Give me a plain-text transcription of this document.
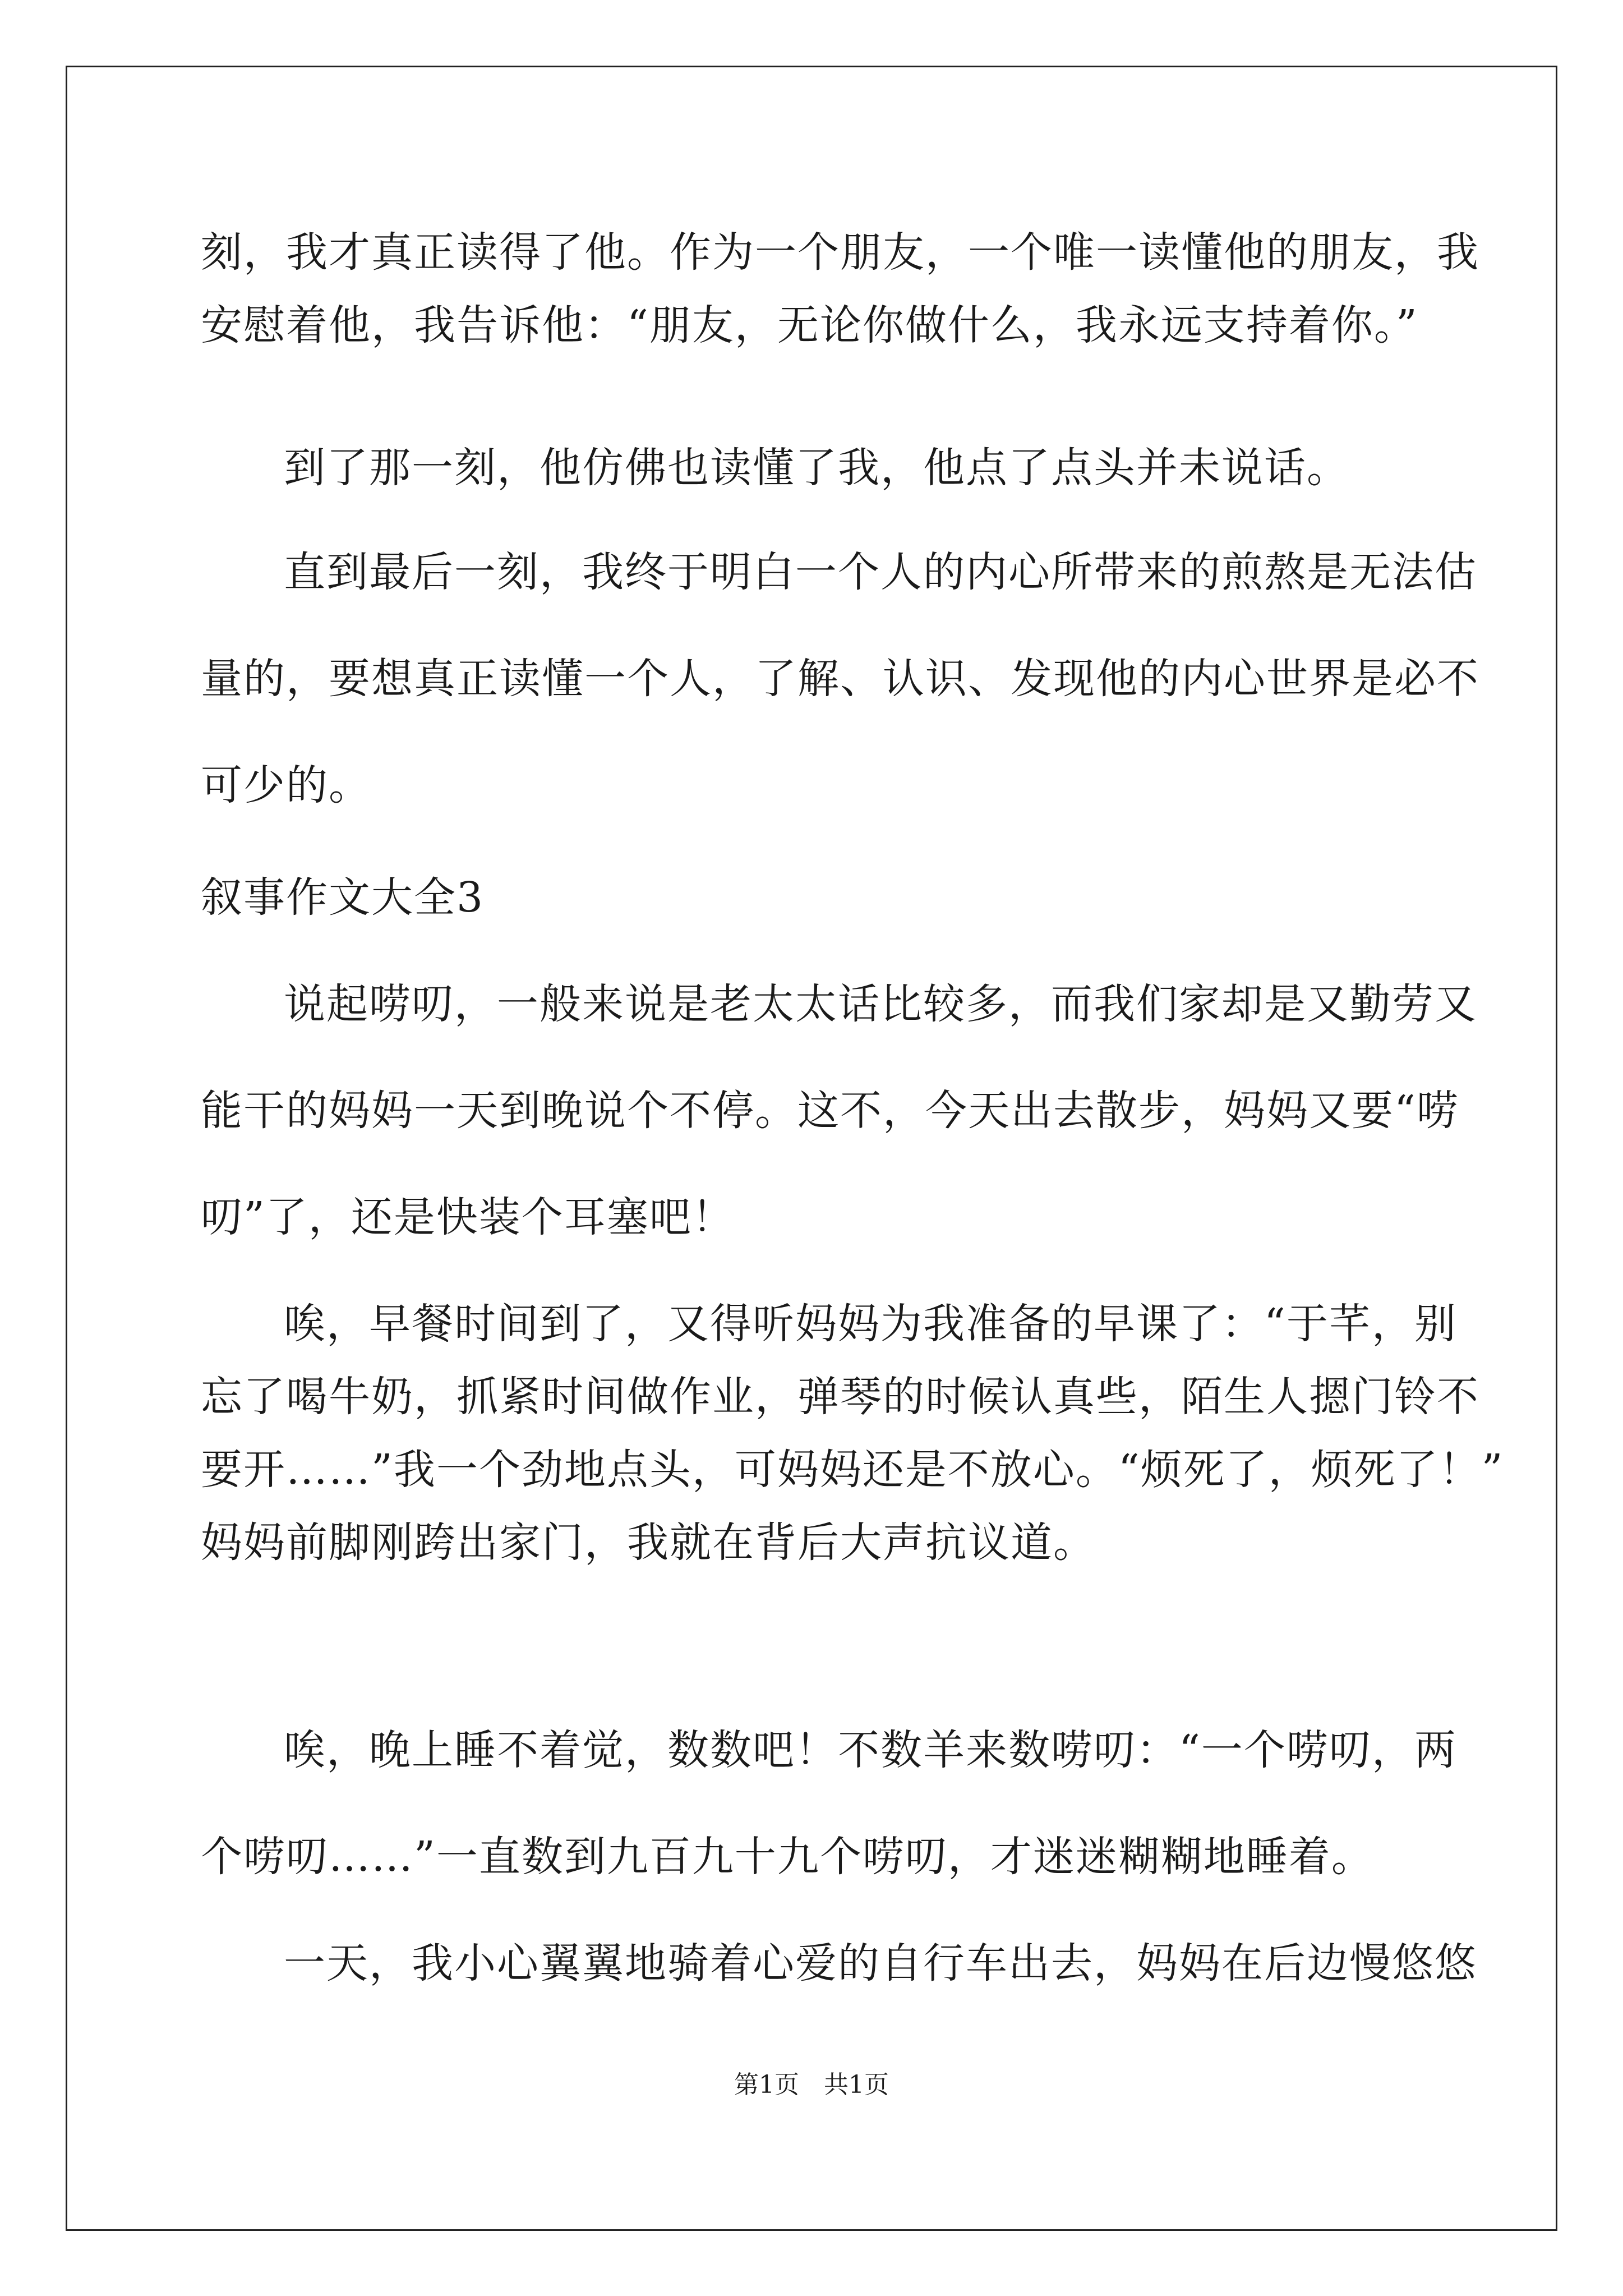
刻，我才真正读得了他。作为一个朋友，一个唯一读懂他的朋友，我
安慰着他，我告诉他：“朋友，无论你做什么，我永远支持着你。”
到了那一刻，他仿佛也读懂了我，他点了点头并未说话。
直到最后一刻，我终于明白一个人的内心所带来的煎熬是无法估
量的，要想真正读懂一个人，了解、认识、发现他的内心世界是必不
可少的。
叙事作文大全3
说起唠叨，一般来说是老太太话比较多，而我们家却是又勤劳又
能干的妈妈一天到晚说个不停。这不，今天出去散步，妈妈又要“唠
叨”了，还是快装个耳塞吧！
唉，早餐时间到了，又得听妈妈为我准备的早课了：“于芊，别
忘了喝牛奶，抓紧时间做作业，弹琴的时候认真些，陌生人摁门铃不
要开……”我一个劲地点头，可妈妈还是不放心。“烦死了，烦死了！”
妈妈前脚刚跨出家门，我就在背后大声抗议道。
唉，晚上睡不着觉，数数吧！不数羊来数唠叨：“一个唠叨，两
个唠叨……”一直数到九百九十九个唠叨，才迷迷糊糊地睡着。
一天，我小心翼翼地骑着心爱的自行车出去，妈妈在后边慢悠悠
第1页　共1页
